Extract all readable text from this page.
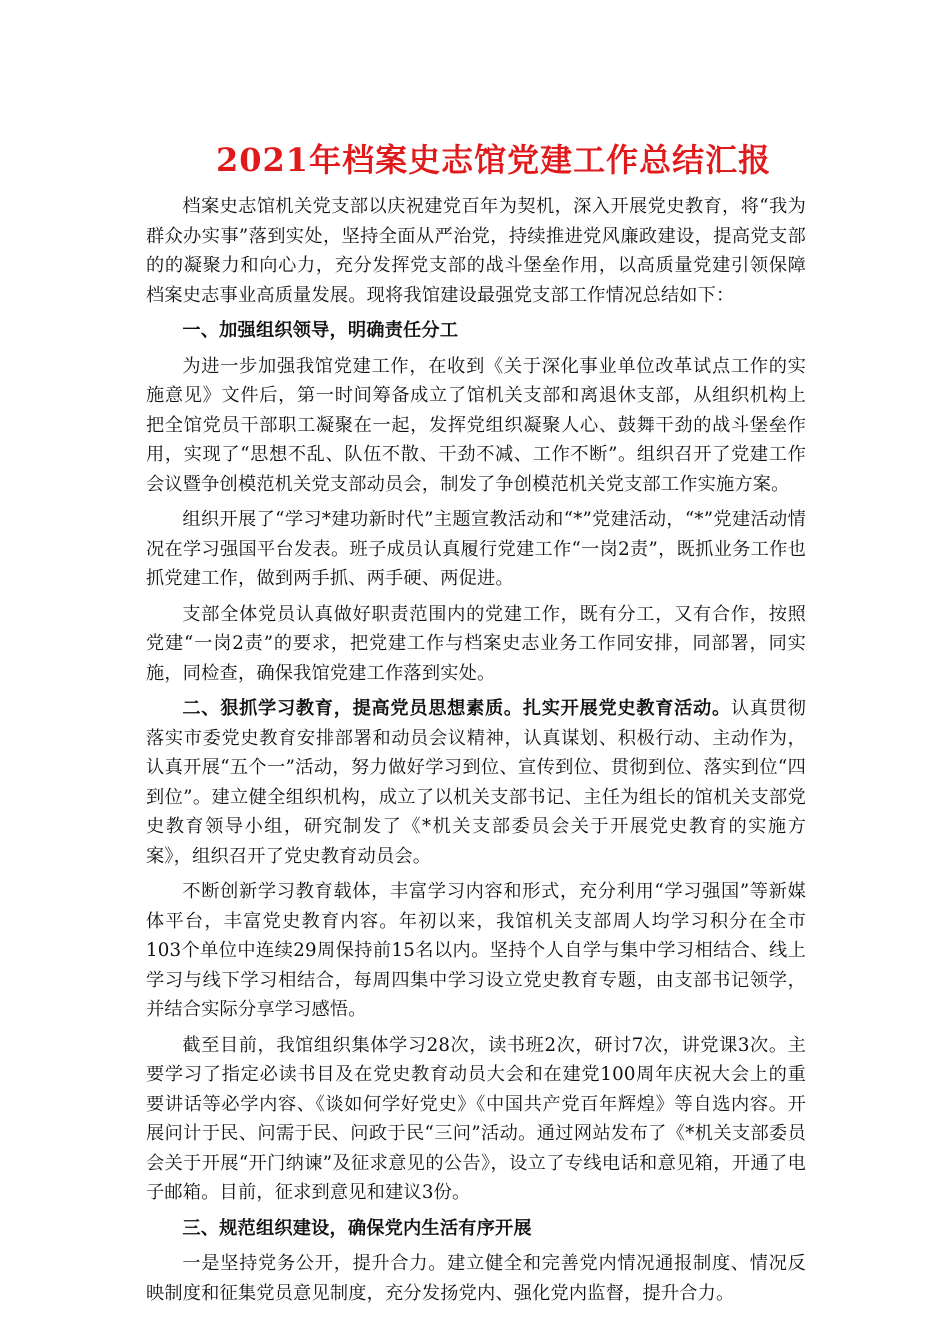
2021年档案史志馆党建工作总结汇报

档案史志馆机关党支部以庆祝建党百年为契机，深入开展党史教育，将“我为群众办实事”落到实处，坚持全面从严治党，持续推进党风廉政建设，提高党支部的的凝聚力和向心力，充分发挥党支部的战斗堡垒作用，以高质量党建引领保障档案史志事业高质量发展。现将我馆建设最强党支部工作情况总结如下：

一、加强组织领导，明确责任分工

为进一步加强我馆党建工作，在收到《关于深化事业单位改革试点工作的实施意见》文件后，第一时间筹备成立了馆机关支部和离退休支部，从组织机构上把全馆党员干部职工凝聚在一起，发挥党组织凝聚人心、鼓舞干劲的战斗堡垒作用，实现了“思想不乱、队伍不散、干劲不减、工作不断”。组织召开了党建工作会议暨争创模范机关党支部动员会，制发了争创模范机关党支部工作实施方案。

组织开展了“学习*建功新时代”主题宣教活动和“*”党建活动，“*”党建活动情况在学习强国平台发表。班子成员认真履行党建工作“一岗2责”，既抓业务工作也抓党建工作，做到两手抓、两手硬、两促进。

支部全体党员认真做好职责范围内的党建工作，既有分工，又有合作，按照党建“一岗2责”的要求，把党建工作与档案史志业务工作同安排，同部署，同实施，同检查，确保我馆党建工作落到实处。

二、狠抓学习教育，提高党员思想素质。扎实开展党史教育活动。认真贯彻落实市委党史教育安排部署和动员会议精神，认真谋划、积极行动、主动作为，认真开展“五个一”活动，努力做好学习到位、宣传到位、贯彻到位、落实到位“四到位”。建立健全组织机构，成立了以机关支部书记、主任为组长的馆机关支部党史教育领导小组，研究制发了《*机关支部委员会关于开展党史教育的实施方案》，组织召开了党史教育动员会。

不断创新学习教育载体，丰富学习内容和形式，充分利用“学习强国”等新媒体平台，丰富党史教育内容。年初以来，我馆机关支部周人均学习积分在全市103个单位中连续29周保持前15名以内。坚持个人自学与集中学习相结合、线上学习与线下学习相结合，每周四集中学习设立党史教育专题，由支部书记领学，并结合实际分享学习感悟。

截至目前，我馆组织集体学习28次，读书班2次，研讨7次，讲党课3次。主要学习了指定必读书目及在党史教育动员大会和在建党100周年庆祝大会上的重要讲话等必学内容、《谈如何学好党史》《中国共产党百年辉煌》等自选内容。开展问计于民、问需于民、问政于民“三问”活动。通过网站发布了《*机关支部委员会关于开展“开门纳谏”及征求意见的公告》，设立了专线电话和意见箱，开通了电子邮箱。目前，征求到意见和建议3份。

三、规范组织建设，确保党内生活有序开展

一是坚持党务公开，提升合力。建立健全和完善党内情况通报制度、情况反映制度和征集党员意见制度，充分发扬党内、强化党内监督，提升合力。
